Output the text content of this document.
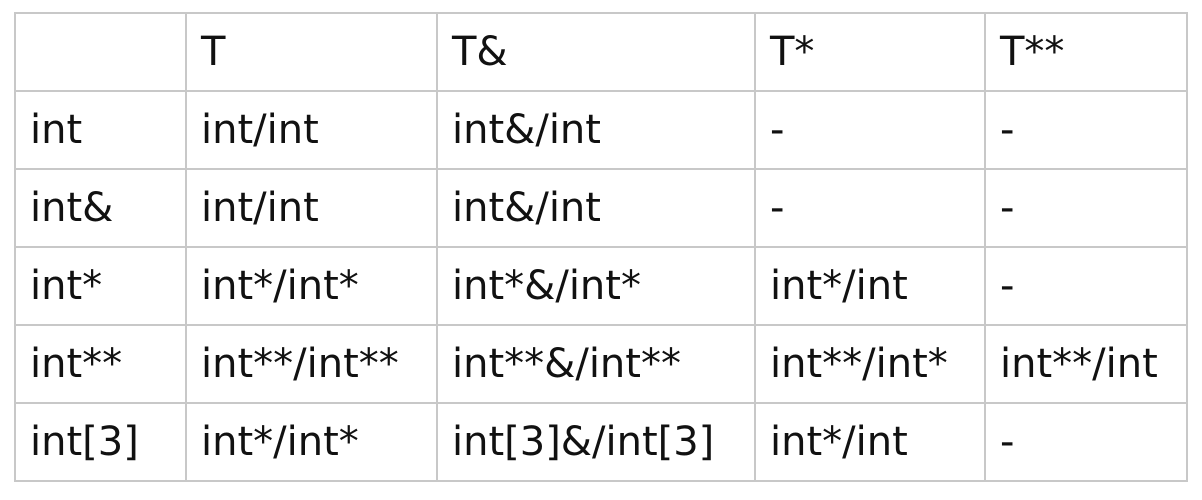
	T	T&	T*	T**
int	int/int	int&/int	-	-
int&	int/int	int&/int	-	-
int*	int*/int*	int*&/int*	int*/int	-
int**	int**/int**	int**&/int**	int**/int*	int**/int
int[3]	int*/int*	int[3]&/int[3]	int*/int	-
